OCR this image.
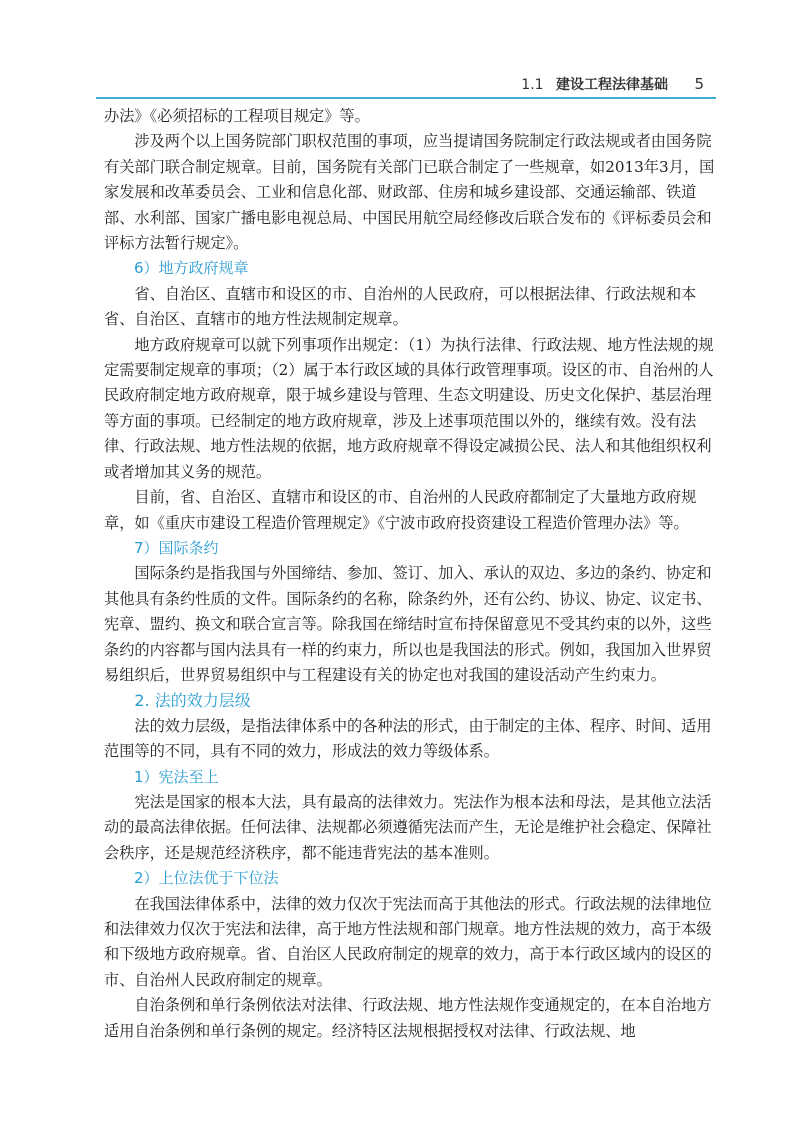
1.1 建设工程法律基础 5

办法》《必须招标的工程项目规定》等。

涉及两个以上国务院部门职权范围的事项，应当提请国务院制定行政法规或者由国务院有关部门联合制定规章。目前，国务院有关部门已联合制定了一些规章，如2013年3月，国家发展和改革委员会、工业和信息化部、财政部、住房和城乡建设部、交通运输部、铁道部、水利部、国家广播电影电视总局、中国民用航空局经修改后联合发布的《评标委员会和评标方法暂行规定》。

6）地方政府规章

省、自治区、直辖市和设区的市、自治州的人民政府，可以根据法律、行政法规和本省、自治区、直辖市的地方性法规制定规章。

地方政府规章可以就下列事项作出规定：（1）为执行法律、行政法规、地方性法规的规定需要制定规章的事项；（2）属于本行政区域的具体行政管理事项。设区的市、自治州的人民政府制定地方政府规章，限于城乡建设与管理、生态文明建设、历史文化保护、基层治理等方面的事项。已经制定的地方政府规章，涉及上述事项范围以外的，继续有效。没有法律、行政法规、地方性法规的依据，地方政府规章不得设定减损公民、法人和其他组织权利或者增加其义务的规范。

目前，省、自治区、直辖市和设区的市、自治州的人民政府都制定了大量地方政府规章，如《重庆市建设工程造价管理规定》《宁波市政府投资建设工程造价管理办法》等。

7）国际条约

国际条约是指我国与外国缔结、参加、签订、加入、承认的双边、多边的条约、协定和其他具有条约性质的文件。国际条约的名称，除条约外，还有公约、协议、协定、议定书、宪章、盟约、换文和联合宣言等。除我国在缔结时宣布持保留意见不受其约束的以外，这些条约的内容都与国内法具有一样的约束力，所以也是我国法的形式。例如，我国加入世界贸易组织后，世界贸易组织中与工程建设有关的协定也对我国的建设活动产生约束力。

2. 法的效力层级

法的效力层级，是指法律体系中的各种法的形式，由于制定的主体、程序、时间、适用范围等的不同，具有不同的效力，形成法的效力等级体系。

1）宪法至上

宪法是国家的根本大法，具有最高的法律效力。宪法作为根本法和母法，是其他立法活动的最高法律依据。任何法律、法规都必须遵循宪法而产生，无论是维护社会稳定、保障社会秩序，还是规范经济秩序，都不能违背宪法的基本准则。

2）上位法优于下位法

在我国法律体系中，法律的效力仅次于宪法而高于其他法的形式。行政法规的法律地位和法律效力仅次于宪法和法律，高于地方性法规和部门规章。地方性法规的效力，高于本级和下级地方政府规章。省、自治区人民政府制定的规章的效力，高于本行政区域内的设区的市、自治州人民政府制定的规章。

自治条例和单行条例依法对法律、行政法规、地方性法规作变通规定的，在本自治地方适用自治条例和单行条例的规定。经济特区法规根据授权对法律、行政法规、地
